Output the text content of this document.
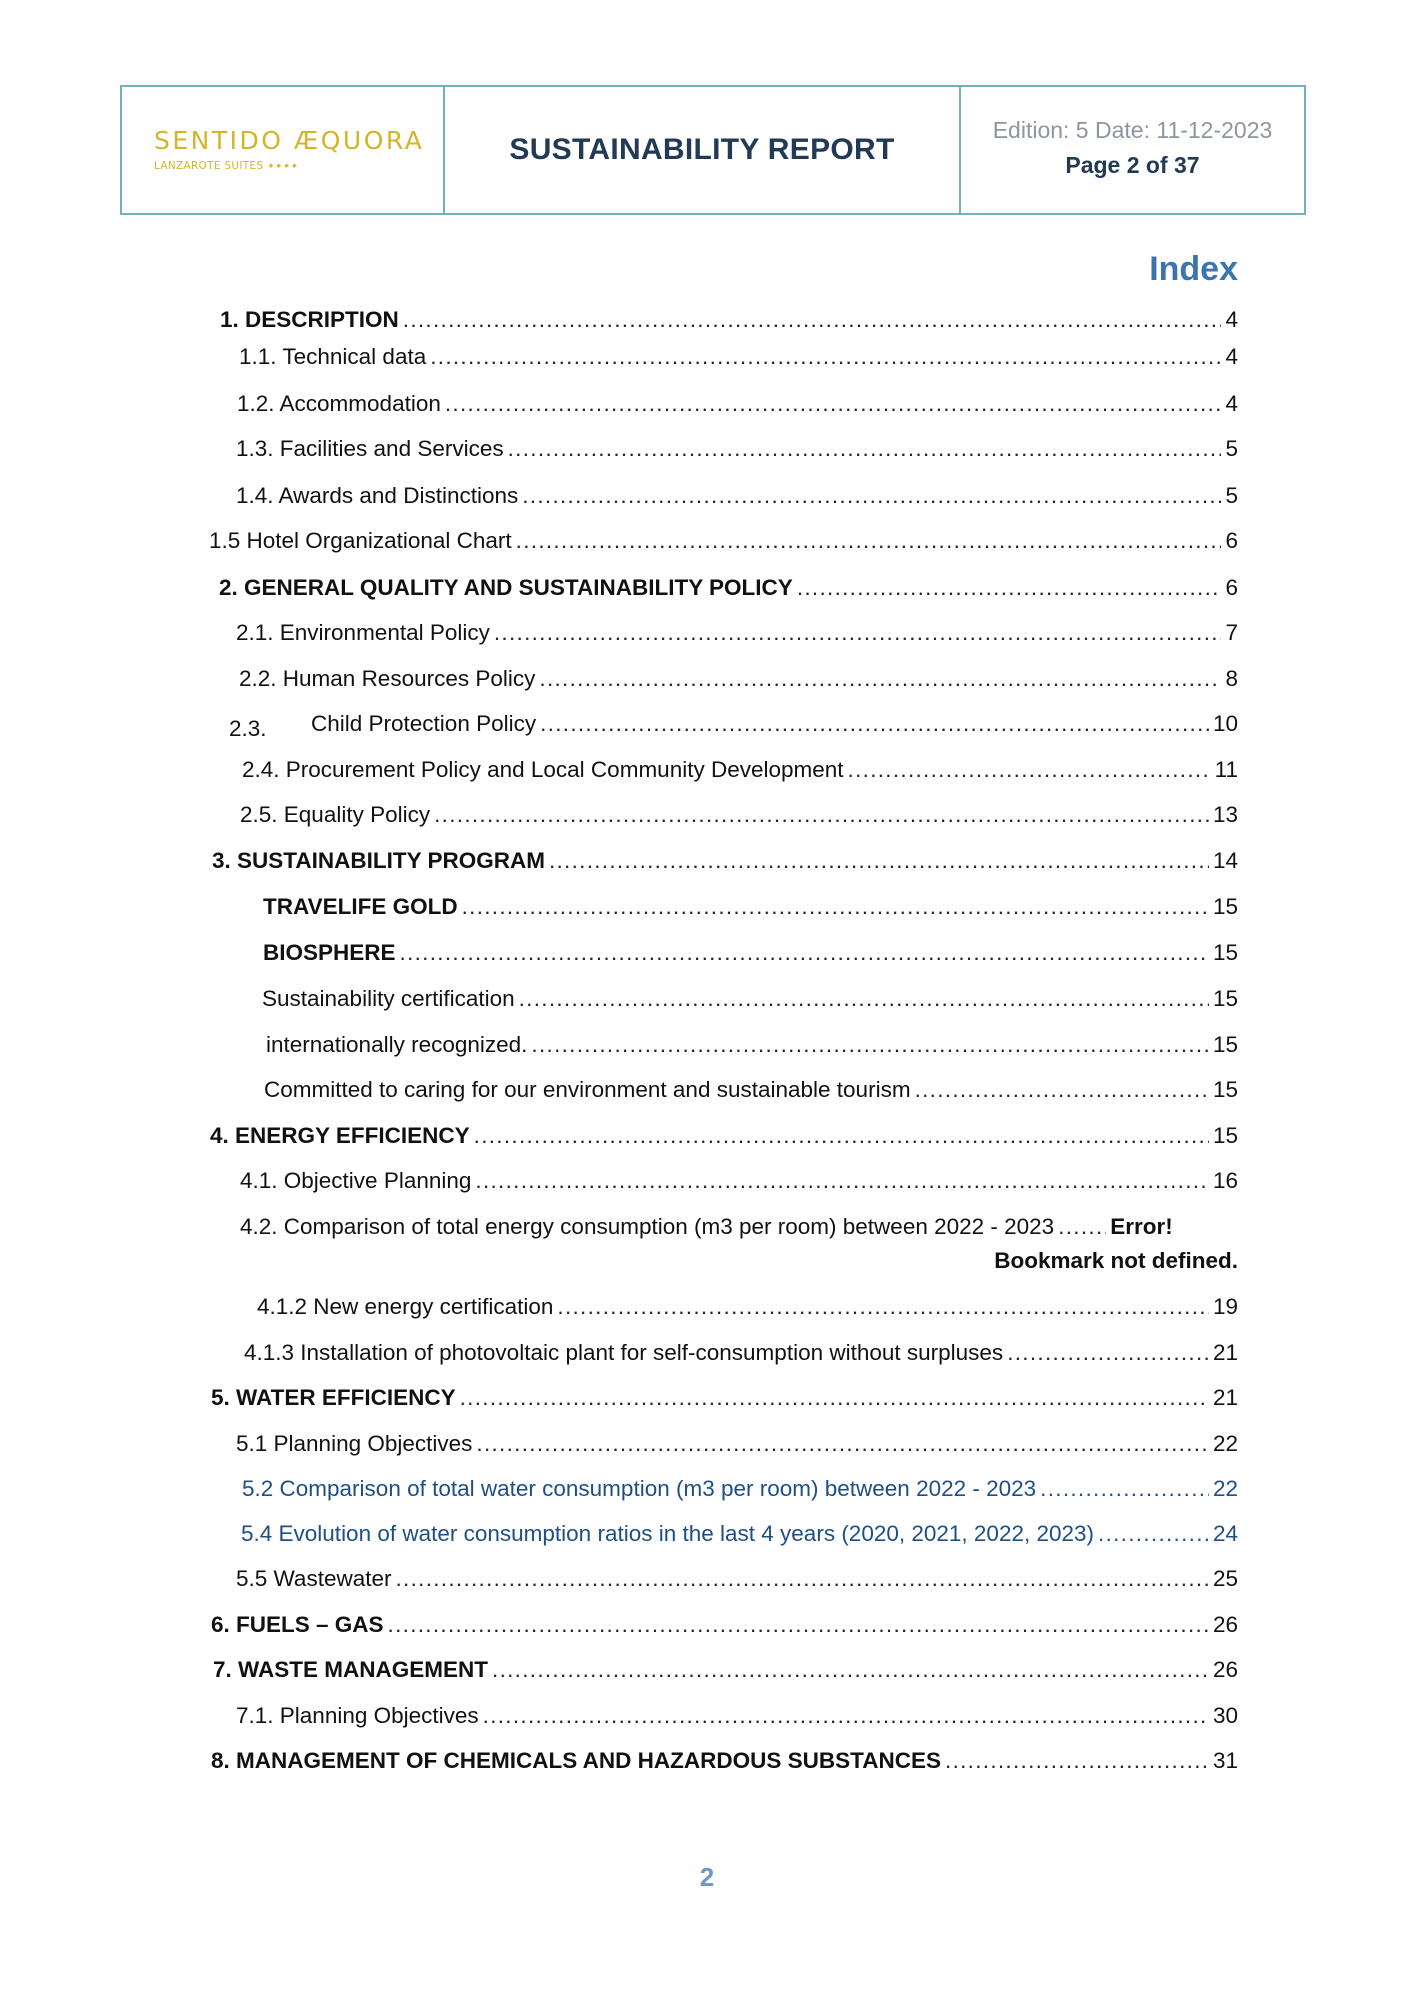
SENTIDO ÆQUORA
LANZAROTE SUITES ✦✦✦✦
SUSTAINABILITY REPORT
Edition: 5 Date: 11-12-2023
Page 2 of 37
Index
1. DESCRIPTION .....	4
1.1. Technical data .....	4
1.2. Accommodation .....	4
1.3. Facilities and Services .....	5
1.4. Awards and Distinctions .....	5
1.5 Hotel Organizational Chart .....	6
2. GENERAL QUALITY AND SUSTAINABILITY POLICY .....	6
2.1. Environmental Policy .....	7
2.2. Human Resources Policy .....	8
2.3.	Child Protection Policy .....	10
2.4. Procurement Policy and Local Community Development .....	11
2.5. Equality Policy .....	13
3. SUSTAINABILITY PROGRAM .....	14
TRAVELIFE GOLD .....	15
BIOSPHERE .....	15
Sustainability certification .....	15
internationally recognized. .....	15
Committed to caring for our environment and sustainable tourism .....	15
4. ENERGY EFFICIENCY .....	15
4.1. Objective Planning .....	16
4.2. Comparison of total energy consumption (m3 per room) between 2022 - 2023 ..... Error!
Bookmark not defined.
4.1.2 New energy certification .....	19
4.1.3 Installation of photovoltaic plant for self-consumption without surpluses .....	21
5. WATER EFFICIENCY .....	21
5.1 Planning Objectives .....	22
5.2 Comparison of total water consumption (m3 per room) between 2022 - 2023 .....	22
5.4 Evolution of water consumption ratios in the last 4 years (2020, 2021, 2022, 2023) .....	24
5.5 Wastewater .....	25
6. FUELS – GAS .....	26
7. WASTE MANAGEMENT .....	26
7.1. Planning Objectives .....	30
8. MANAGEMENT OF CHEMICALS AND HAZARDOUS SUBSTANCES .....	31
2
